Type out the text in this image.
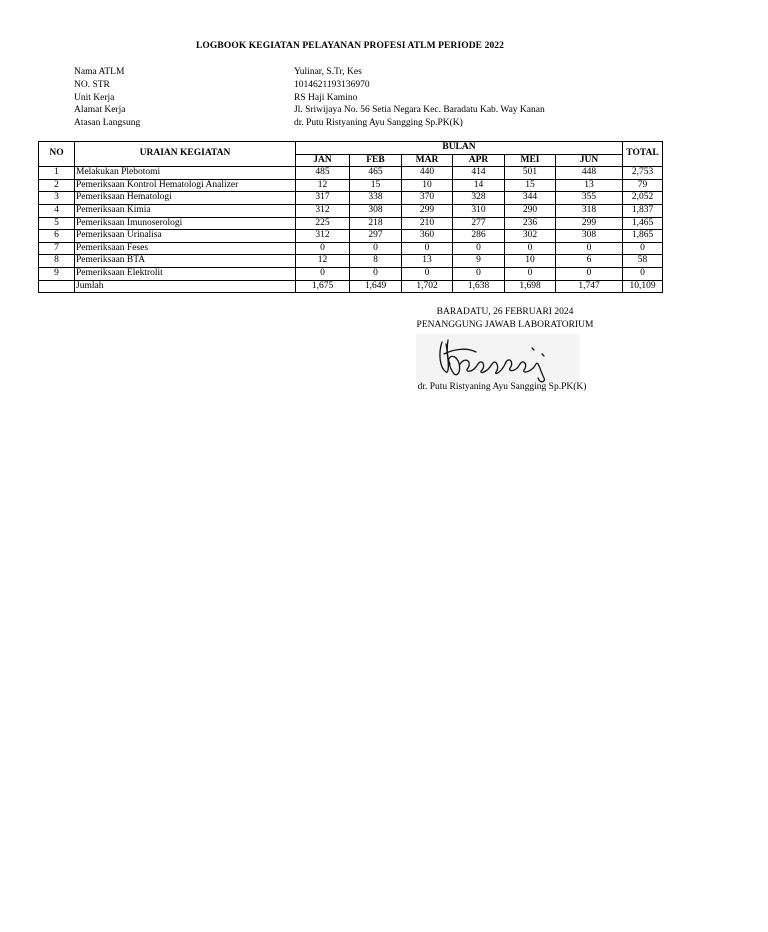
LOGBOOK KEGIATAN PELAYANAN PROFESI ATLM PERIODE 2022
Nama ATLM	Yulinar, S.Tr, Kes
NO. STR	1014621193136970
Unit Kerja	RS Haji Kamino
Alamat Kerja	Jl. Sriwijaya No. 56 Setia Negara Kec. Baradatu Kab. Way Kanan
Atasan Langsung	dr. Putu Ristyaning Ayu Sangging Sp.PK(K)
NO	URAIAN KEGIATAN	BULAN						TOTAL
		JAN	FEB	MAR	APR	MEI	JUN	
1	Melakukan Plebotomi	485	465	440	414	501	448	2,753
2	Pemeriksaan Kontrol Hematologi Analizer	12	15	10	14	15	13	79
3	Pemeriksaan Hematologi	317	338	370	328	344	355	2,052
4	Pemeriksaan Kimia	312	308	299	310	290	318	1,837
5	Pemeriksaan Imunoserologi	225	218	210	277	236	299	1,465
6	Pemeriksaan Urinalisa	312	297	360	286	302	308	1,865
7	Pemeriksaan Feses	0	0	0	0	0	0	0
8	Pemeriksaan BTA	12	8	13	9	10	6	58
9	Pemeriksaan Elektrolit	0	0	0	0	0	0	0
	Jumlah	1,675	1,649	1,702	1,638	1,698	1,747	10,109
BARADATU, 26 FEBRUARI 2024
PENANGGUNG JAWAB LABORATORIUM
dr. Putu Ristyaning Ayu Sangging Sp.PK(K)
